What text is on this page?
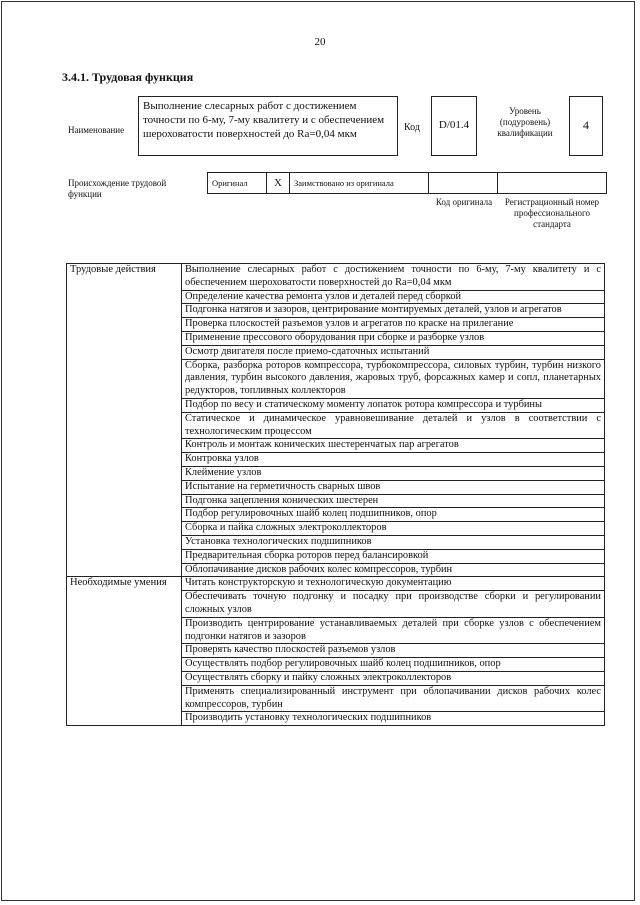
20
3.4.1. Трудовая функция
Наименование
Выполнение слесарных работ с достижением точности по 6-му, 7-му квалитету и с обеспечением шероховатости поверхностей до Ra=0,04 мкм
Код	D/01.4
Уровень (подуровень) квалификации
4
Происхождение трудовой функции
Оригинал	X	Заимствовано из оригинала
Код оригинала	Регистрационный номер профессионального стандарта
Трудовые действия	Выполнение слесарных работ с достижением точности по 6-му, 7-му квалитету и с обеспечением шероховатости поверхностей до Ra=0,04 мкм
	Определение качества ремонта узлов и деталей перед сборкой
	Подгонка натягов и зазоров, центрирование монтируемых деталей, узлов и агрегатов
	Проверка плоскостей разъемов узлов и агрегатов по краске на прилегание
	Применение прессового оборудования при сборке и разборке узлов
	Осмотр двигателя после приемо-сдаточных испытаний
	Сборка, разборка роторов компрессора, турбокомпрессора, силовых турбин, турбин низкого давления, турбин высокого давления, жаровых труб, форсажных камер и сопл, планетарных редукторов, топливных коллекторов
	Подбор по весу и статическому моменту лопаток ротора компрессора и турбины
	Статическое и динамическое уравновешивание деталей и узлов в соответствии с технологическим процессом
	Контроль и монтаж конических шестеренчатых пар агрегатов
	Контровка узлов
	Клеймение узлов
	Испытание на герметичность сварных швов
	Подгонка зацепления конических шестерен
	Подбор регулировочных шайб колец подшипников, опор
	Сборка и пайка сложных электроколлекторов
	Установка технологических подшипников
	Предварительная сборка роторов перед балансировкой
	Облопачивание дисков рабочих колес компрессоров, турбин
Необходимые умения	Читать конструкторскую и технологическую документацию
	Обеспечивать точную подгонку и посадку при производстве сборки и регулировании сложных узлов
	Производить центрирование устанавливаемых деталей при сборке узлов с обеспечением подгонки натягов и зазоров
	Проверять качество плоскостей разъемов узлов
	Осуществлять подбор регулировочных шайб колец подшипников, опор
	Осуществлять сборку и пайку сложных электроколлекторов
	Применять специализированный инструмент при облопачивании дисков рабочих колес компрессоров, турбин
	Производить установку технологических подшипников
